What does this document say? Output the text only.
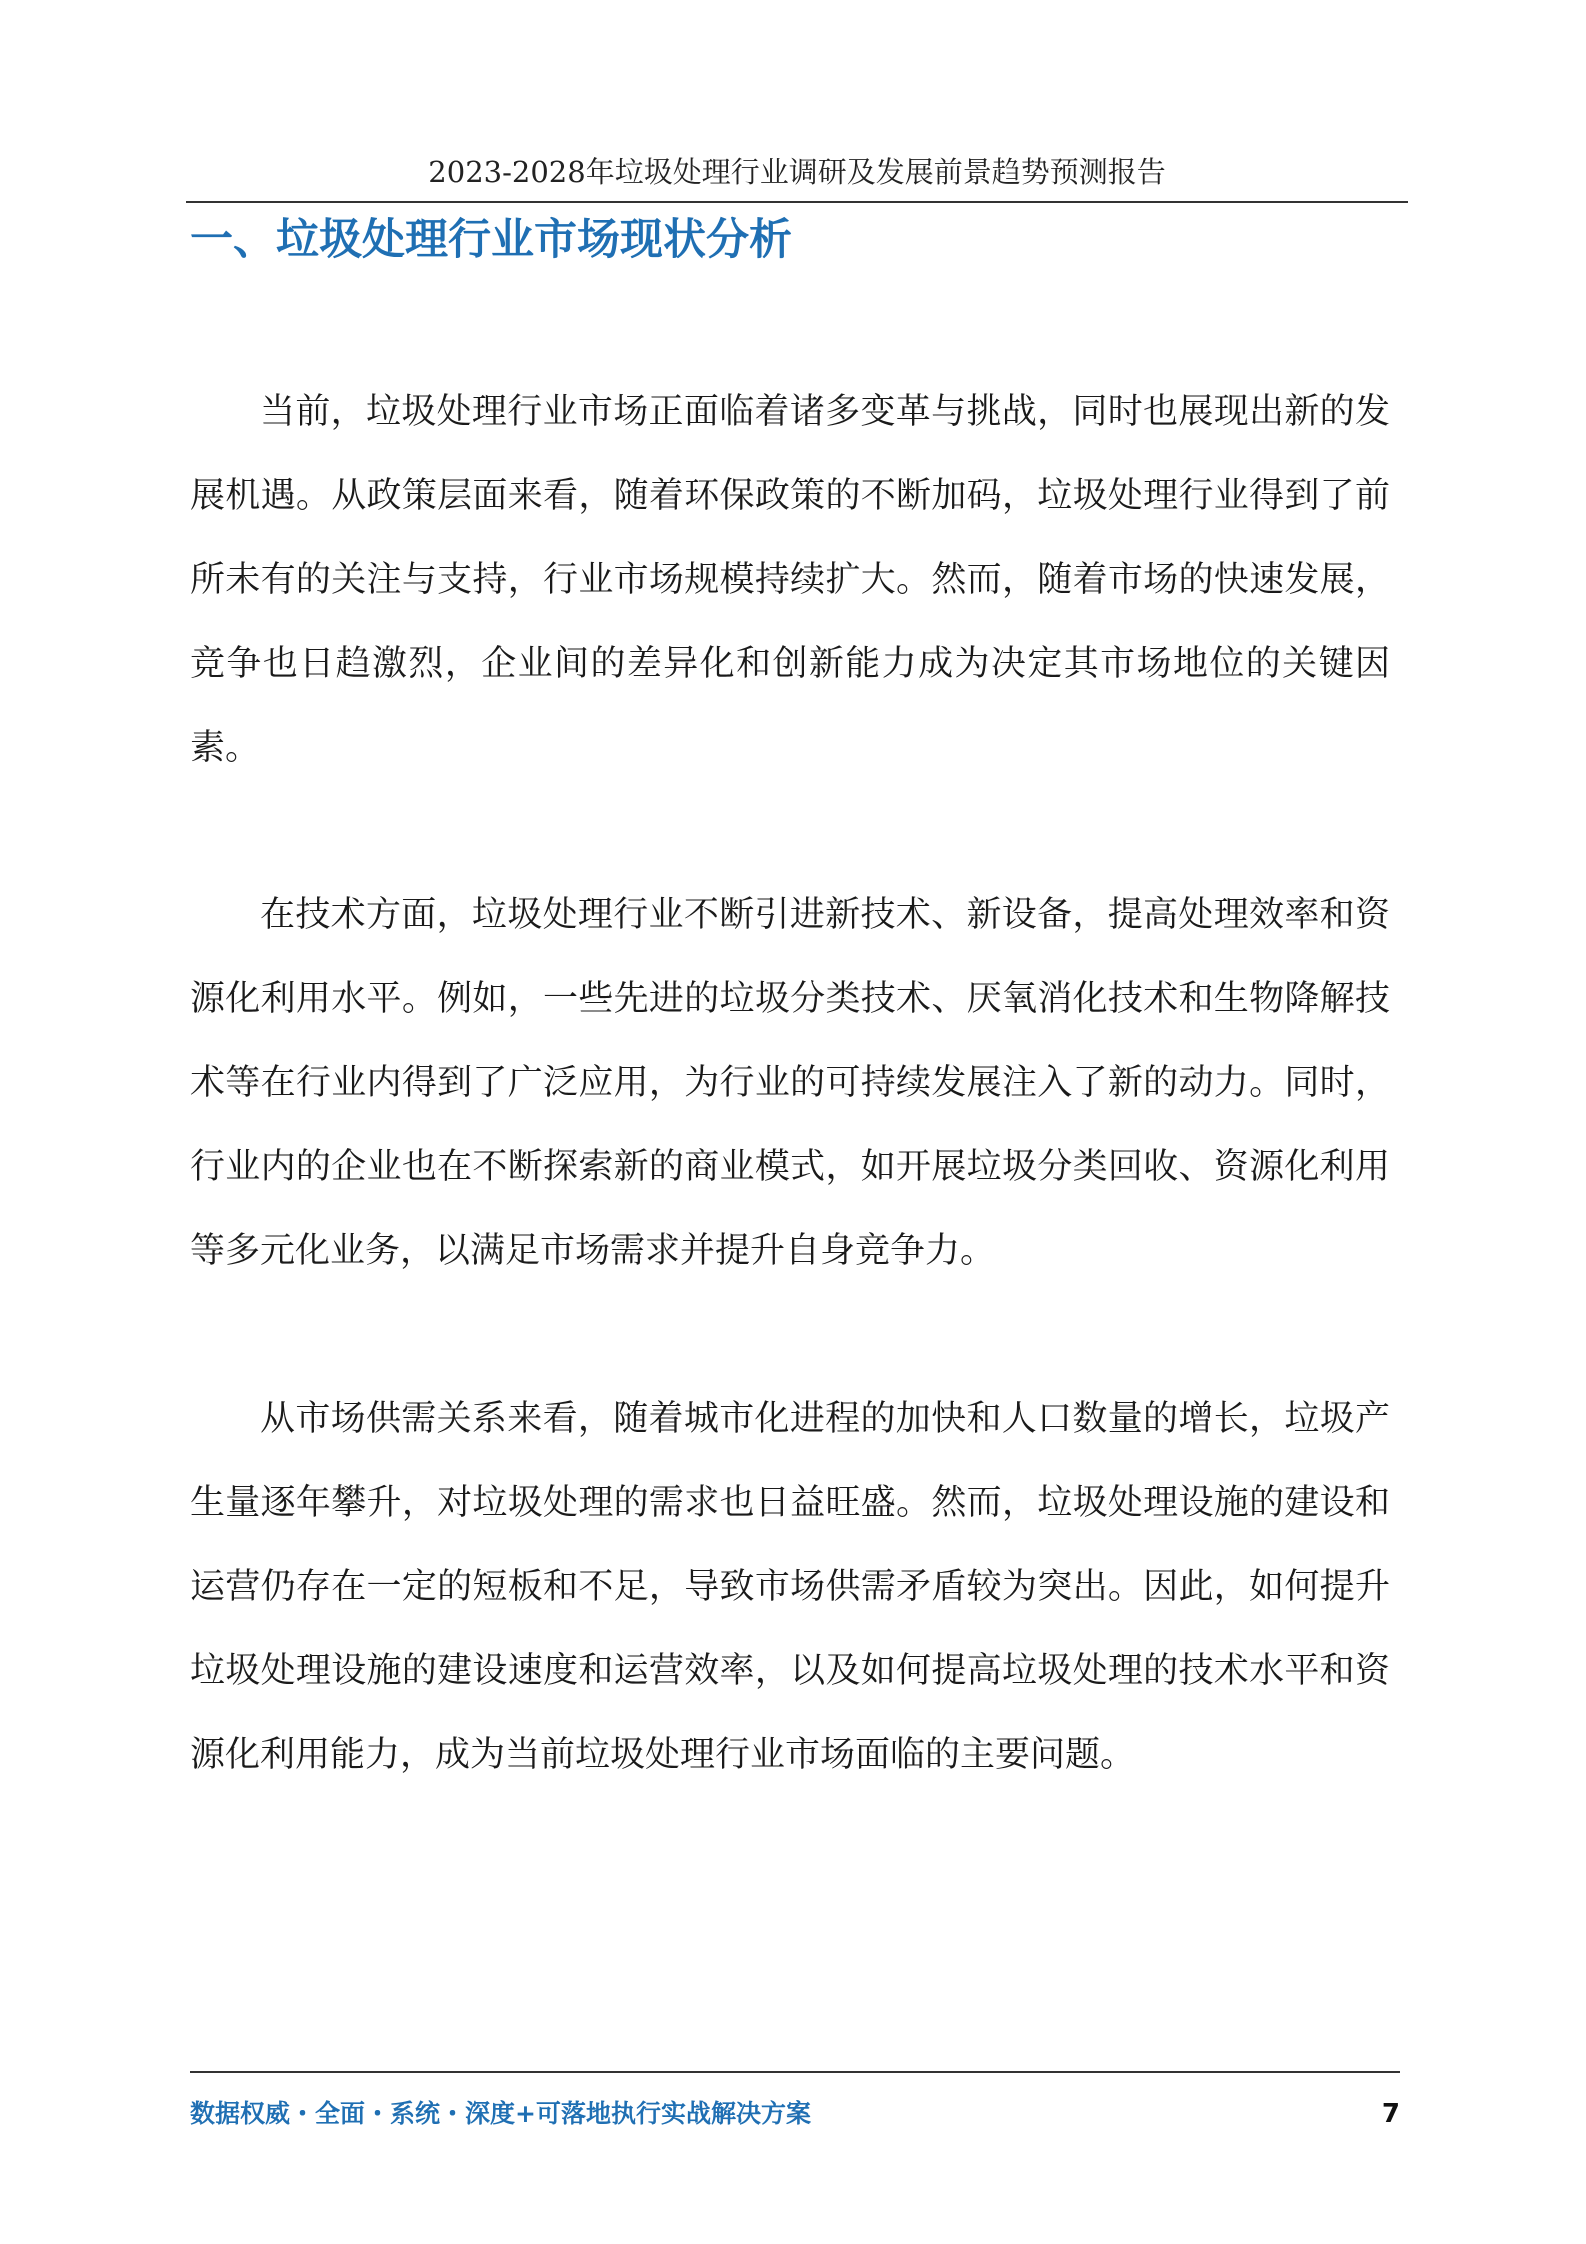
2023-2028年垃圾处理行业调研及发展前景趋势预测报告
一、垃圾处理行业市场现状分析

当前，垃圾处理行业市场正面临着诸多变革与挑战，同时也展现出新的发展机遇。从政策层面来看，随着环保政策的不断加码，垃圾处理行业得到了前所未有的关注与支持，行业市场规模持续扩大。然而，随着市场的快速发展，竞争也日趋激烈，企业间的差异化和创新能力成为决定其市场地位的关键因素。

在技术方面，垃圾处理行业不断引进新技术、新设备，提高处理效率和资源化利用水平。例如，一些先进的垃圾分类技术、厌氧消化技术和生物降解技术等在行业内得到了广泛应用，为行业的可持续发展注入了新的动力。同时，行业内的企业也在不断探索新的商业模式，如开展垃圾分类回收、资源化利用等多元化业务，以满足市场需求并提升自身竞争力。

从市场供需关系来看，随着城市化进程的加快和人口数量的增长，垃圾产生量逐年攀升，对垃圾处理的需求也日益旺盛。然而，垃圾处理设施的建设和运营仍存在一定的短板和不足，导致市场供需矛盾较为突出。因此，如何提升垃圾处理设施的建设速度和运营效率，以及如何提高垃圾处理的技术水平和资源化利用能力，成为当前垃圾处理行业市场面临的主要问题。

数据权威・全面・系统・深度+可落地执行实战解决方案	7
